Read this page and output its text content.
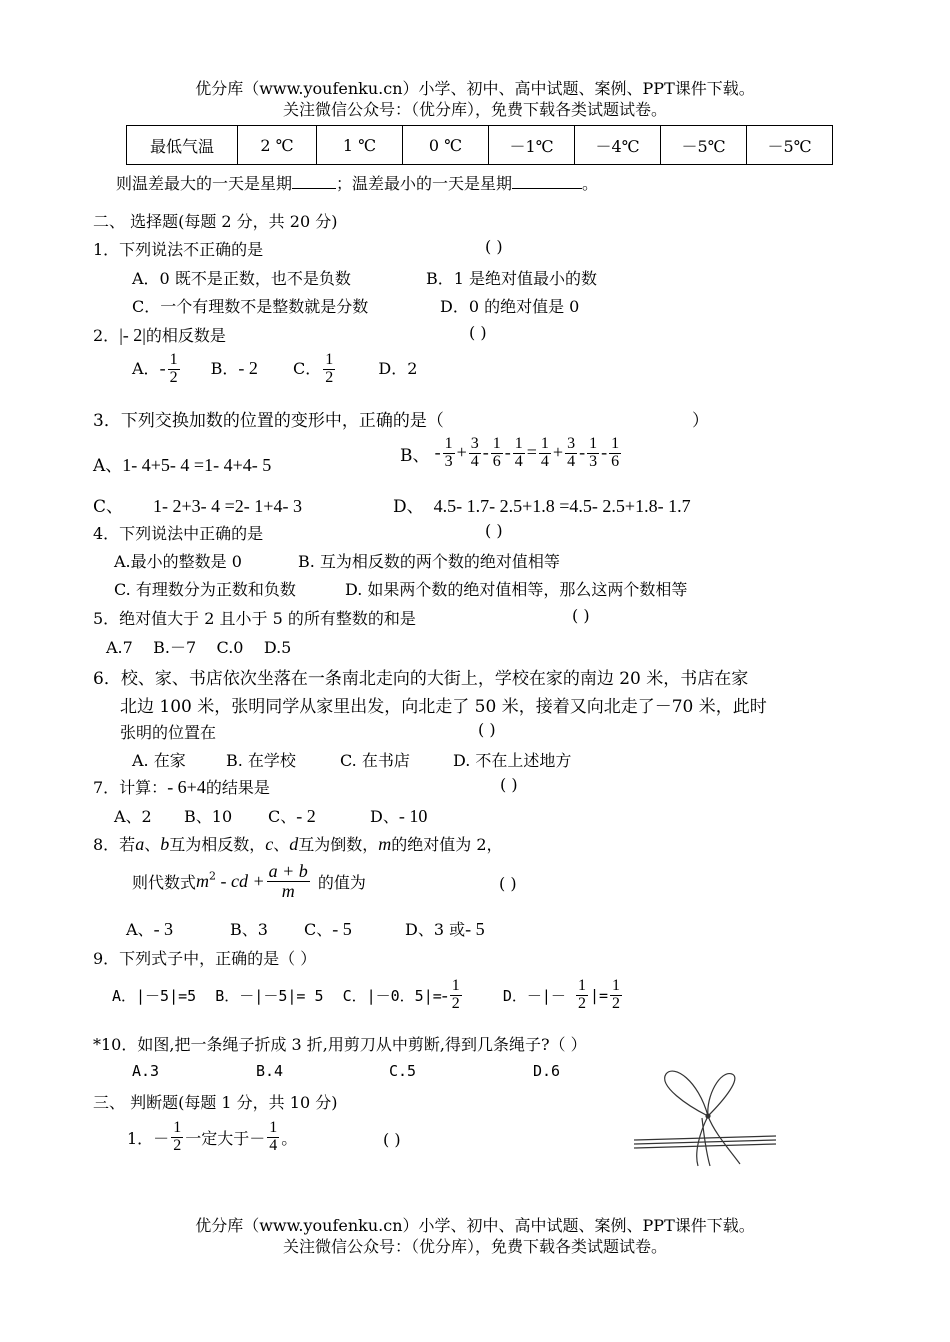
优分库（www.youfenku.cn）小学、初中、高中试题、案例、PPT课件下载。
关注微信公众号：（优分库），免费下载各类试题试卷。
最低气温	2 ℃	1 ℃	0 ℃	－1℃	－4℃	－5℃	－5℃
则温差最大的一天是星期	；温差最小的一天是星期	。
二、 选择题(每题 2 分，共 20 分)
1．下列说法不正确的是	( )
A．0 既不是正数，也不是负数	B．1 是绝对值最小的数
C．一个有理数不是整数就是分数	D．0 的绝对值是 0
2．|- 2|的相反数是	( )
A．- $\frac{1}{2}$ B．- 2 C． $\frac{1}{2}$	D．2
3．下列交换加数的位置的变形中，正确的是（	）
A、1- 4+5- 4 =1- 4+4- 5	B、 - $\frac{1}{3} + \frac{3}{4} - \frac{1}{6} - \frac{1}{4} = \frac{1}{4} + \frac{3}{4} - \frac{1}{3} - \frac{1}{6}$
C、 1- 2+3- 4 =2- 1+4- 3	D、 4.5- 1.7- 2.5+1.8 =4.5- 2.5+1.8- 1.7
4．下列说法中正确的是	( )
A.最小的整数是 0	B. 互为相反数的两个数的绝对值相等
C. 有理数分为正数和负数	D. 如果两个数的绝对值相等，那么这两个数相等
5．绝对值大于 2 且小于 5 的所有整数的和是	( )
A.7    B.－7    C.0    D.5
6．校、家、书店依次坐落在一条南北走向的大街上，学校在家的南边 20 米，书店在家
北边 100 米，张明同学从家里出发，向北走了 50 米，接着又向北走了－70 米，此时
张明的位置在	( )
A. 在家	B. 在学校	C. 在书店	D. 不在上述地方
7．计算：- 6+4的结果是	( )
A、2 B、10 C、- 2	D、- 10
8．若a、b互为相反数，c、d互为倒数，m的绝对值为 2，
则代数式$m^2$ - cd + $\frac{a + b}{m}$ 的值为	( )
A、- 3	B、3 C、- 5	D、3 或- 5
9．下列式子中，正确的是（ ）
A．|－5|=5 B．－|－5|= 5 C．|－0．$5|=- \frac{1}{2}$	D．－|－ $\frac{1}{2}$ |= $\frac{1}{2}$
*10．如图,把一条绳子折成 3 折,用剪刀从中剪断,得到几条绳子?（ ）
A.3	B.4	C.5	D.6
三、 判断题(每题 1 分，共 10 分)
1．－ $\frac{1}{2}$ 一定大于－ $\frac{1}{4}$ 。	( )
优分库（www.youfenku.cn）小学、初中、高中试题、案例、PPT课件下载。
关注微信公众号：（优分库），免费下载各类试题试卷。
